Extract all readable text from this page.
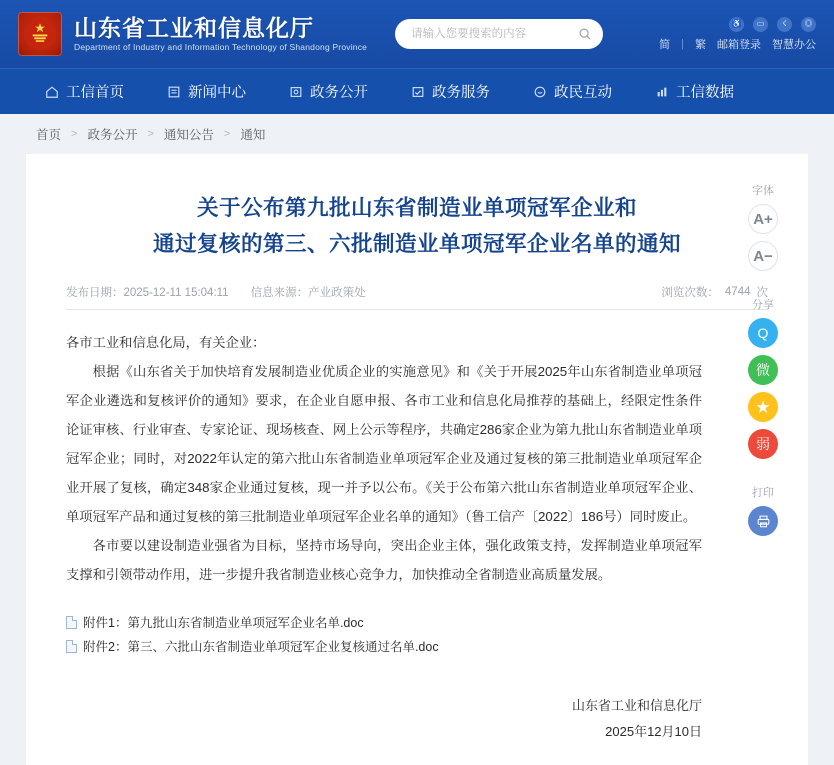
山东省工业和信息化厅
Department of Industry and Information Technology of Shandong Province
请输入您要搜索的内容
♿	▭	☇	◎
简 | 繁 邮箱登录 智慧办公
工信首页	新闻中心	政务公开	政务服务	政民互动	工信数据
首页 > 政务公开 > 通知公告 > 通知
关于公布第九批山东省制造业单项冠军企业和
通过复核的第三、六批制造业单项冠军企业名单的通知
发布日期：2025-12-11 15:04:11 信息来源：产业政策处	浏览次数： 4744 次

各市工业和信息化局，有关企业：

根据《山东省关于加快培育发展制造业优质企业的实施意见》和《关于开展2025年山东省制造业单项冠军企业遴选和复核评价的通知》要求，在企业自愿申报、各市工业和信息化局推荐的基础上，经限定性条件论证审核、行业审查、专家论证、现场核查、网上公示等程序，共确定286家企业为第九批山东省制造业单项冠军企业；同时，对2022年认定的第六批山东省制造业单项冠军企业及通过复核的第三批制造业单项冠军企业开展了复核，确定348家企业通过复核，现一并予以公布。《关于公布第六批山东省制造业单项冠军企业、单项冠军产品和通过复核的第三批制造业单项冠军企业名单的通知》（鲁工信产〔2022〕186号）同时废止。

各市要以建设制造业强省为目标，坚持市场导向，突出企业主体，强化政策支持，发挥制造业单项冠军支撑和引领带动作用，进一步提升我省制造业核心竞争力，加快推动全省制造业高质量发展。

附件1：第九批山东省制造业单项冠军企业名单.doc
附件2：第三、六批山东省制造业单项冠军企业复核通过名单.doc
山东省工业和信息化厅
2025年12月10日
字体
A+
A−
分享
Q
微
★
弱
打印
